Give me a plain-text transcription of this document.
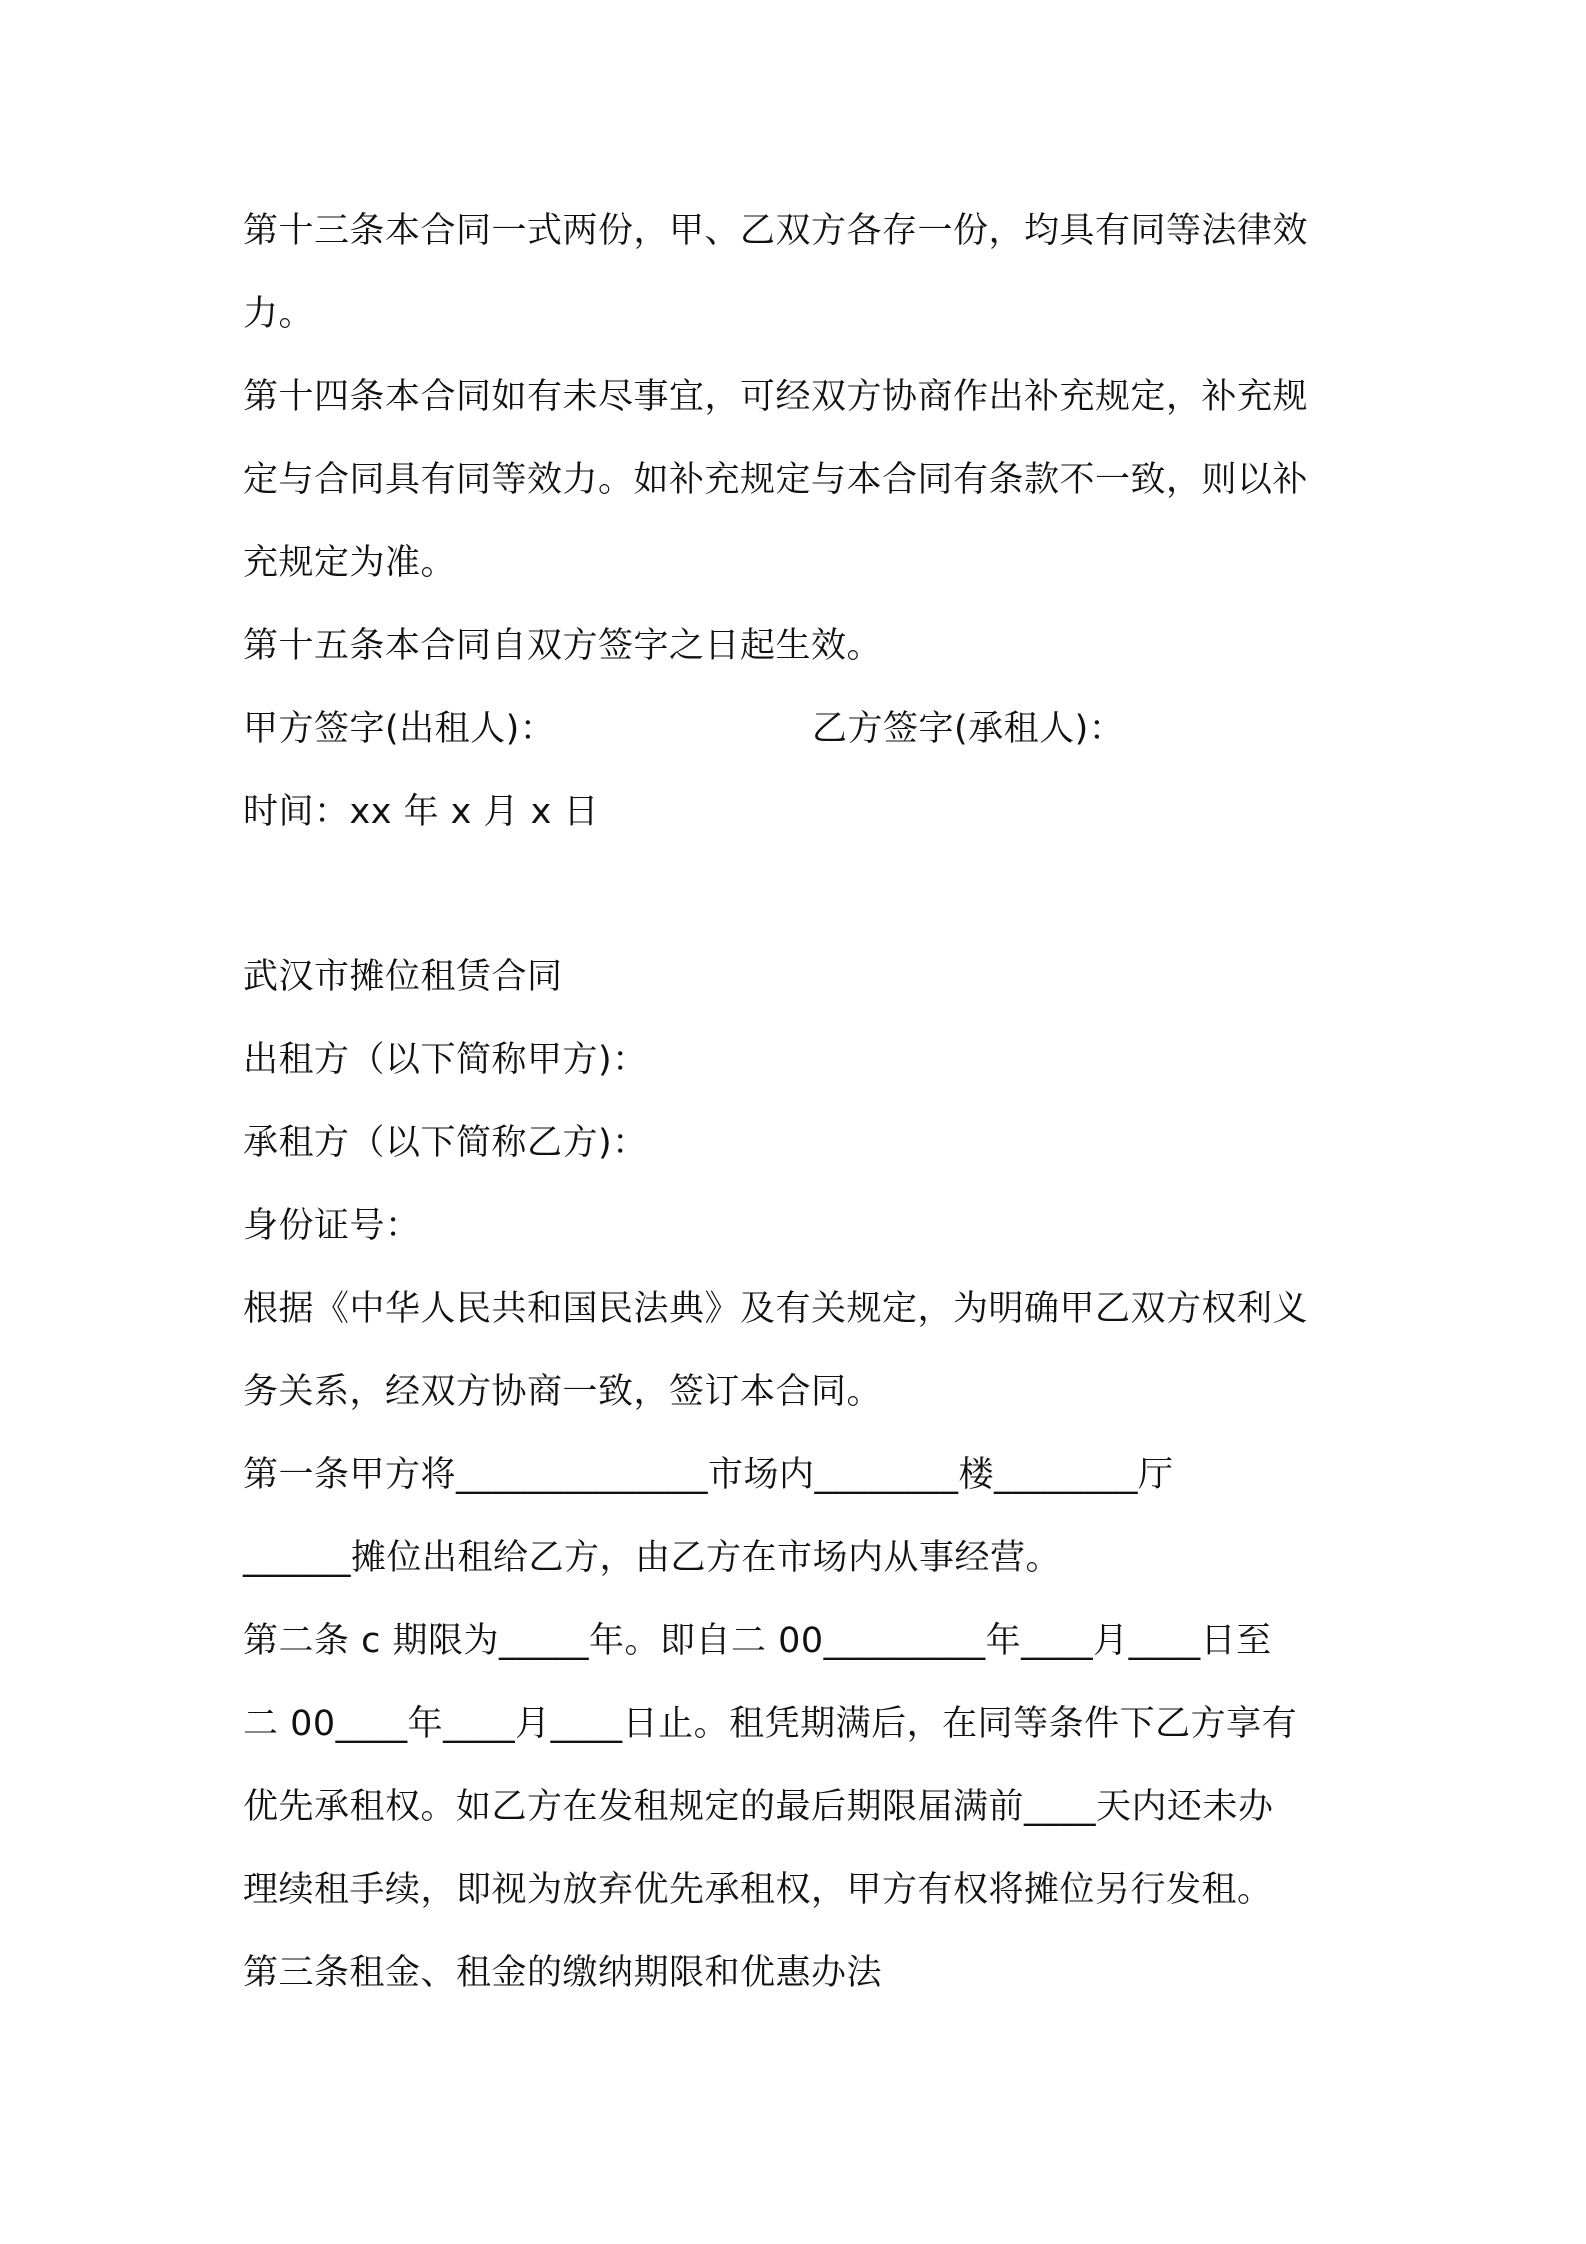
第十三条本合同一式两份，甲、乙双方各存一份，均具有同等法律效
力。
第十四条本合同如有未尽事宜，可经双方协商作出补充规定，补充规
定与合同具有同等效力。如补充规定与本合同有条款不一致，则以补
充规定为准。
第十五条本合同自双方签字之日起生效。
甲方签字(出租人)：	乙方签字(承租人)：
时间：xx 年 x 月 x 日
武汉市摊位租赁合同
出租方（以下简称甲方)：
承租方（以下简称乙方)：
身份证号：
根据《中华人民共和国民法典》及有关规定，为明确甲乙双方权利义
务关系，经双方协商一致，签订本合同。
第一条甲方将______________市场内________楼________厅
______摊位出租给乙方，由乙方在市场内从事经营。
第二条 c 期限为_____年。即自二 00_________年____月____日至
二 00____年____月____日止。租凭期满后，在同等条件下乙方享有
优先承租权。如乙方在发租规定的最后期限届满前____天内还未办
理续租手续，即视为放弃优先承租权，甲方有权将摊位另行发租。
第三条租金、租金的缴纳期限和优惠办法
